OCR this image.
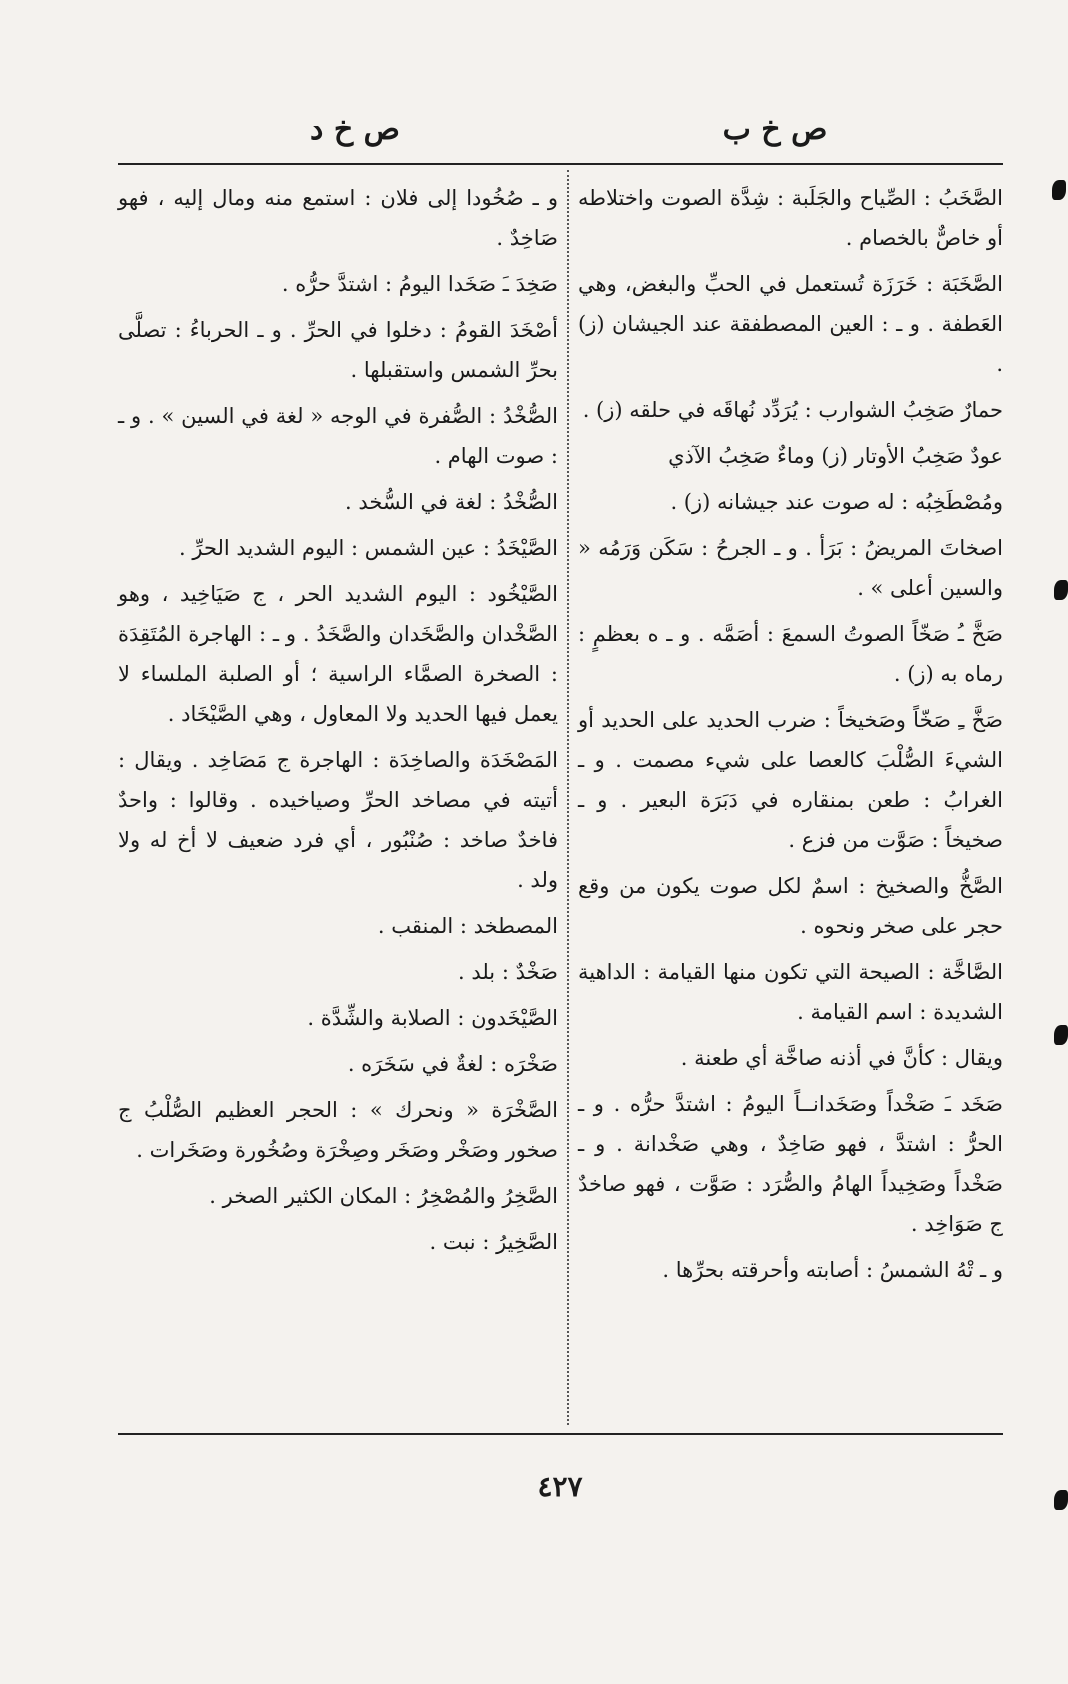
ص خ ب
ص خ د

الصَّخَبُ : الصِّياح والجَلَبة : شِدَّة الصوت واختلاطه أو خاصٌّ بالخصام .

الصَّخَبَة : خَرَزَة تُستعمل في الحبِّ والبغض، وهي العَطفة . و ـ : العين المصطفقة عند الجيشان (ز) .

حمارٌ صَخِبُ الشوارب : يُرَدِّد نُهاقَه في حلقه (ز) .

عودٌ صَخِبُ الأوتار (ز) وماءٌ صَخِبُ الآذي

ومُصْطَخِبُه : له صوت عند جيشانه (ز) .

اصخاتَ المريضُ : بَرَأ . و ـ الجرحُ : سَكَن وَرَمُه « والسين أعلى » .

صَخَّ ـُ صَخّاً الصوتُ السمعَ : أصَمَّه . و ـ ه بعظمٍ : رماه به (ز) .

صَخَّ ـِ صَخّاً وصَخيخاً : ضرب الحديد على الحديد أو الشيءَ الصُّلْبَ كالعصا على شيء مصمت . و ـ الغرابُ : طعن بمنقاره في دَبَرَة البعير . و ـ صخيخاً : صَوَّت من فزع .

الصَّخُّ والصخيخ : اسمٌ لكل صوت يكون من وقع حجر على صخر ونحوه .

الصَّاخَّة : الصيحة التي تكون منها القيامة : الداهية الشديدة : اسم القيامة .

ويقال : كأنَّ في أذنه صاخَّة أي طعنة .

صَخَد ـَ صَخْداً وصَخَدانــاً اليومُ : اشتدَّ حرُّه . و ـ الحرُّ : اشتدَّ ، فهو صَاخِدٌ ، وهي صَخْدانة . و ـ صَخْداً وصَخِيداً الهامُ والصُّرَد : صَوَّت ، فهو صاخدٌ ج صَوَاخِد .

و ـ تْهُ الشمسُ : أصابته وأحرقته بحرِّها .

و ـ صُخُودا إلى فلان : استمع منه ومال إليه ، فهو صَاخِدٌ .

صَخِدَ ـَ صَخَدا اليومُ : اشتدَّ حرُّه .

أصْخَدَ القومُ : دخلوا في الحرِّ . و ـ الحرباءُ : تصلَّى بحرِّ الشمس واستقبلها .

الصُّخْدُ : الصُّفرة في الوجه « لغة في السين » . و ـ : صوت الهام .

الصُّخْدُ : لغة في السُّخد .

الصَّيْخَدُ : عين الشمس : اليوم الشديد الحرِّ .

الصَّيْخُود : اليوم الشديد الحر ، ج صَيَاخِيد ، وهو الصَّخْدان والصَّخَدان والصَّخَدُ . و ـ : الهاجرة المُتَقِدَة : الصخرة الصمَّاء الراسية ؛ أو الصلبة الملساء لا يعمل فيها الحديد ولا المعاول ، وهي الصَّيْخَاد .

المَصْخَدَة والصاخِدَة : الهاجرة ج مَصَاخِد . ويقال : أتيته في مصاخد الحرِّ وصياخيده . وقالوا : واحدٌ فاخدٌ صاخد : صُنْبُور ، أي فرد ضعيف لا أخ له ولا ولد .

المصطخد : المنقب .

صَخْدٌ : بلد .

الصَّيْخَدون : الصلابة والشِّدَّة .

صَخْرَه : لغةٌ في سَخَرَه .

الصَّخْرَة « ونحرك » : الحجر العظيم الصُّلْبُ ج صخور وصَخْر وصَخَر وصِخْرَة وصُخُورة وصَخَرات .

الصَّخِرُ والمُصْخِرُ : المكان الكثير الصخر .

الصَّخِيرُ : نبت .

٤٢٧
